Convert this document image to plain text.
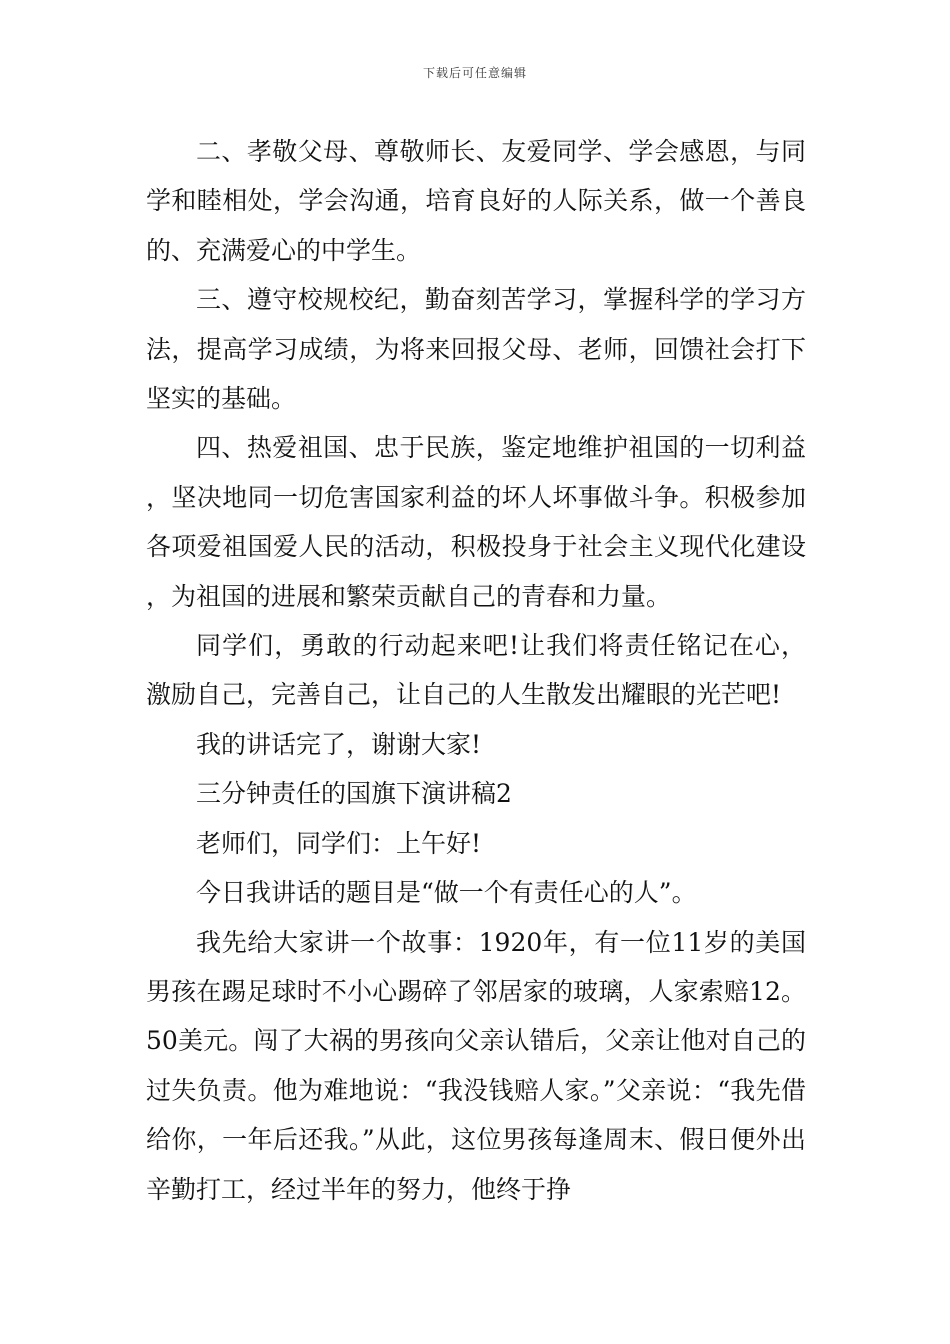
下载后可任意编辑

二、孝敬父母、尊敬师长、友爱同学、学会感恩，与同学和睦相处，学会沟通，培育良好的人际关系，做一个善良的、充满爱心的中学生。

三、遵守校规校纪，勤奋刻苦学习，掌握科学的学习方法，提高学习成绩，为将来回报父母、老师，回馈社会打下坚实的基础。

四、热爱祖国、忠于民族，鉴定地维护祖国的一切利益，坚决地同一切危害国家利益的坏人坏事做斗争。积极参加各项爱祖国爱人民的活动，积极投身于社会主义现代化建设，为祖国的进展和繁荣贡献自己的青春和力量。

同学们，勇敢的行动起来吧!让我们将责任铭记在心，激励自己，完善自己，让自己的人生散发出耀眼的光芒吧!

我的讲话完了，谢谢大家!

三分钟责任的国旗下演讲稿2

老师们，同学们：上午好!

今日我讲话的题目是“做一个有责任心的人”。

我先给大家讲一个故事：1920年，有一位11岁的美国男孩在踢足球时不小心踢碎了邻居家的玻璃，人家索赔12。50美元。闯了大祸的男孩向父亲认错后，父亲让他对自己的过失负责。他为难地说：“我没钱赔人家。”父亲说：“我先借给你，一年后还我。”从此，这位男孩每逢周末、假日便外出辛勤打工，经过半年的努力，他终于挣
